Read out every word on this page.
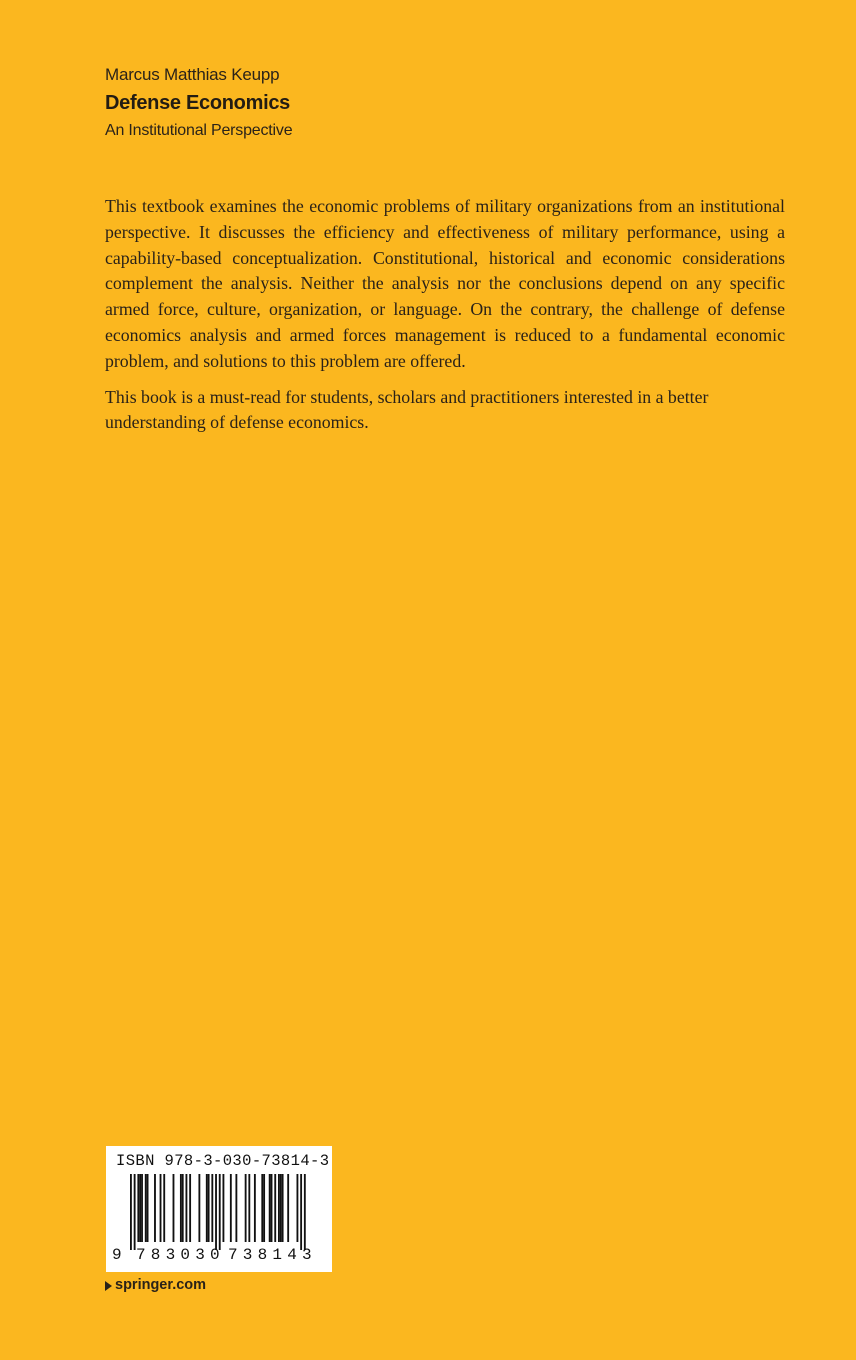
Marcus Matthias Keupp
Defense Economics
An Institutional Perspective

This textbook examines the economic problems of military organizations from an institutional perspective. It discusses the efficiency and effectiveness of military performance, using a capability-based conceptualization. Constitutional, historical and economic considerations complement the analysis. Neither the analysis nor the conclusions depend on any specific armed force, culture, organization, or language. On the contrary, the challenge of defense economics analysis and armed forces management is reduced to a fundamental economic problem, and solutions to this problem are offered.

This book is a must-read for students, scholars and practitioners interested in a better understanding of defense economics.

ISBN 978-3-030-73814-3
9 783030 738143
springer.com
